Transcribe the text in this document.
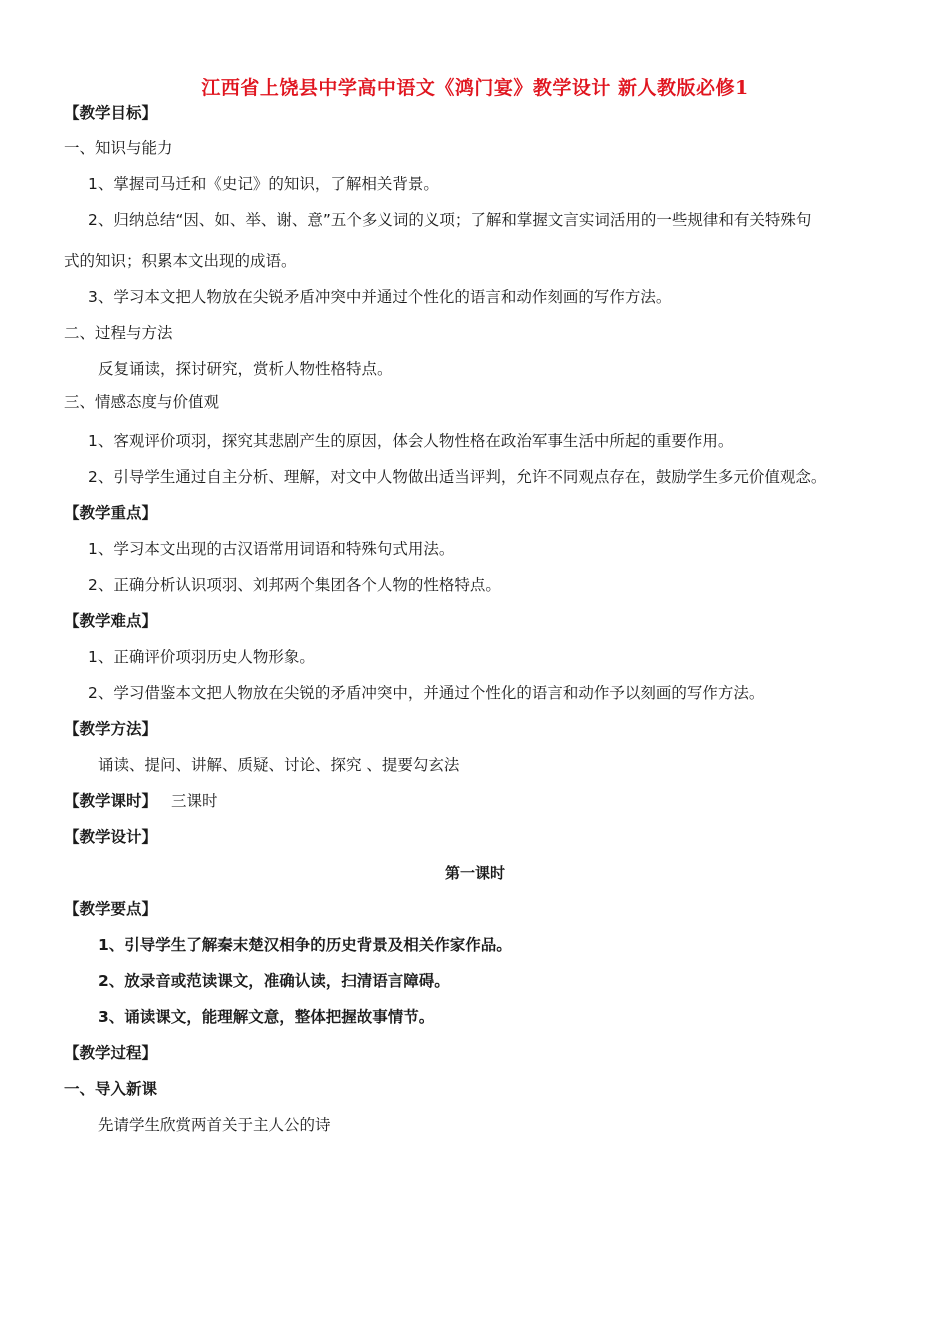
江西省上饶县中学高中语文《鸿门宴》教学设计 新人教版必修1
【教学目标】
一、知识与能力
1、掌握司马迁和《史记》的知识，了解相关背景。
2、归纳总结“因、如、举、谢、意”五个多义词的义项；了解和掌握文言实词活用的一些规律和有关特殊句
式的知识；积累本文出现的成语。
3、学习本文把人物放在尖锐矛盾冲突中并通过个性化的语言和动作刻画的写作方法。
二、过程与方法
反复诵读，探讨研究，赏析人物性格特点。
三、情感态度与价值观
1、客观评价项羽，探究其悲剧产生的原因，体会人物性格在政治军事生活中所起的重要作用。
2、引导学生通过自主分析、理解，对文中人物做出适当评判，允许不同观点存在，鼓励学生多元价值观念。
【教学重点】
1、学习本文出现的古汉语常用词语和特殊句式用法。
2、正确分析认识项羽、刘邦两个集团各个人物的性格特点。
【教学难点】
1、正确评价项羽历史人物形象。
2、学习借鉴本文把人物放在尖锐的矛盾冲突中，并通过个性化的语言和动作予以刻画的写作方法。
【教学方法】
诵读、提问、讲解、质疑、讨论、探究 、提要勾玄法
【教学课时】 三课时
【教学设计】
第一课时
【教学要点】
1、引导学生了解秦末楚汉相争的历史背景及相关作家作品。
2、放录音或范读课文，准确认读，扫清语言障碍。
3、诵读课文，能理解文意，整体把握故事情节。
【教学过程】
一、导入新课
先请学生欣赏两首关于主人公的诗
